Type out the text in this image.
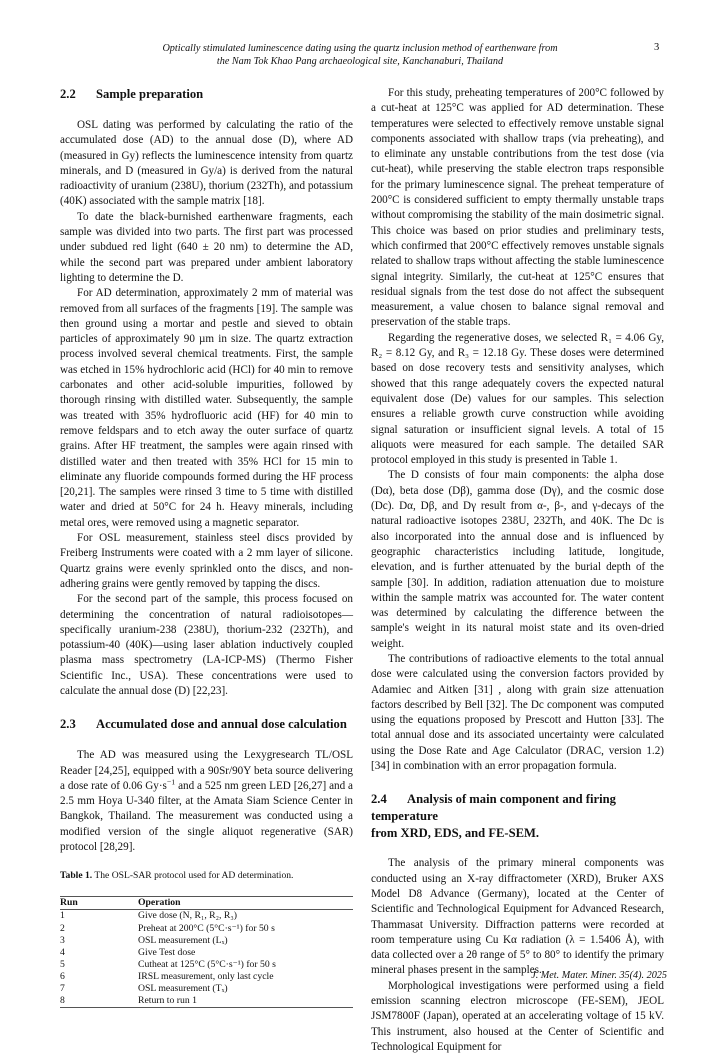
Optically stimulated luminescence dating using the quartz inclusion method of earthenware from
the Nam Tok Khao Pang archaeological site, Kanchanaburi, Thailand
3
2.2	Sample preparation

OSL dating was performed by calculating the ratio of the accumulated dose (AD) to the annual dose (D), where AD (measured in Gy) reflects the luminescence intensity from quartz minerals, and D (measured in Gy/a) is derived from the natural radioactivity of uranium (238U), thorium (232Th), and potassium (40K) associated with the sample matrix [18].

To date the black-burnished earthenware fragments, each sample was divided into two parts. The first part was processed under subdued red light (640 ± 20 nm) to determine the AD, while the second part was prepared under ambient laboratory lighting to determine the D.

For AD determination, approximately 2 mm of material was removed from all surfaces of the fragments [19]. The sample was then ground using a mortar and pestle and sieved to obtain particles of approximately 90 µm in size. The quartz extraction process involved several chemical treatments. First, the sample was etched in 15% hydrochloric acid (HCl) for 40 min to remove carbonates and other acid-soluble impurities, followed by thorough rinsing with distilled water. Subsequently, the sample was treated with 35% hydrofluoric acid (HF) for 40 min to remove feldspars and to etch away the outer surface of quartz grains. After HF treatment, the samples were again rinsed with distilled water and then treated with 35% HCl for 15 min to eliminate any fluoride compounds formed during the HF process [20,21]. The samples were rinsed 3 time to 5 time with distilled water and dried at 50°C for 24 h. Heavy minerals, including metal ores, were removed using a magnetic separator.

For OSL measurement, stainless steel discs provided by Freiberg Instruments were coated with a 2 mm layer of silicone. Quartz grains were evenly sprinkled onto the discs, and non-adhering grains were gently removed by tapping the discs.

For the second part of the sample, this process focused on determining the concentration of natural radioisotopes—specifically uranium-238 (238U), thorium-232 (232Th), and potassium-40 (40K)—using laser ablation inductively coupled plasma mass spectrometry (LA-ICP-MS) (Thermo Fisher Scientific Inc., USA). These concentrations were used to calculate the annual dose (D) [22,23].

2.3	Accumulated dose and annual dose calculation

The AD was measured using the Lexygresearch TL/OSL Reader [24,25], equipped with a 90Sr/90Y beta source delivering a dose rate of 0.06 $Gy\cdot s^{-1}$ and a 525 nm green LED [26,27] and a 2.5 mm Hoya U-340 filter, at the Amata Siam Science Center in Bangkok, Thailand. The measurement was conducted using a modified version of the single aliquot regenerative (SAR) protocol [28,29].

Table 1. The OSL-SAR protocol used for AD determination.
Run	Operation
1	Give dose (N, R₁, R₂, R₃)
2	Preheat at 200°C (5°C·s⁻¹) for 50 s
3	OSL measurement (Lₓ)
4	Give Test dose
5	Cutheat at 125°C (5°C·s⁻¹) for 50 s
6	IRSL measurement, only last cycle
7	OSL measurement (Tₓ)
8	Return to run 1

For this study, preheating temperatures of 200°C followed by a cut-heat at 125°C was applied for AD determination. These temperatures were selected to effectively remove unstable signal components associated with shallow traps (via preheating), and to eliminate any unstable contributions from the test dose (via cut-heat), while preserving the stable electron traps responsible for the primary luminescence signal. The preheat temperature of 200°C is considered sufficient to empty thermally unstable traps without compromising the stability of the main dosimetric signal. This choice was based on prior studies and preliminary tests, which confirmed that 200°C effectively removes unstable signals related to shallow traps without affecting the stable luminescence signal integrity. Similarly, the cut-heat at 125°C ensures that residual signals from the test dose do not affect the subsequent measurement, a value chosen to balance signal removal and preservation of the stable traps.

Regarding the regenerative doses, we selected R₁ = 4.06 Gy, R₂ = 8.12 Gy, and R₃ = 12.18 Gy. These doses were determined based on dose recovery tests and sensitivity analyses, which showed that this range adequately covers the expected natural equivalent dose (De) values for our samples. This selection ensures a reliable growth curve construction while avoiding signal saturation or insufficient signal levels. A total of 15 aliquots were measured for each sample. The detailed SAR protocol employed in this study is presented in Table 1.

The D consists of four main components: the alpha dose (Dα), beta dose (Dβ), gamma dose (Dγ), and the cosmic dose (Dc). Dα, Dβ, and Dγ result from α-, β-, and γ-decays of the natural radioactive isotopes 238U, 232Th, and 40K. The Dc is also incorporated into the annual dose and is influenced by geographic characteristics including latitude, longitude, elevation, and is further attenuated by the burial depth of the sample [30]. In addition, radiation attenuation due to moisture within the sample matrix was accounted for. The water content was determined by calculating the difference between the sample's weight in its natural moist state and its oven-dried weight.

The contributions of radioactive elements to the total annual dose were calculated using the conversion factors provided by Adamiec and Aitken [31] , along with grain size attenuation factors described by Bell [32]. The Dc component was computed using the equations proposed by Prescott and Hutton [33]. The total annual dose and its associated uncertainty were calculated using the Dose Rate and Age Calculator (DRAC, version 1.2) [34] in combination with an error propagation formula.

2.4 Analysis of main component and firing temperature
from XRD, EDS, and FE-SEM.

The analysis of the primary mineral components was conducted using an X-ray diffractometer (XRD), Bruker AXS Model D8 Advance (Germany), located at the Center of Scientific and Technological Equipment for Advanced Research, Thammasat University. Diffraction patterns were recorded at room temperature using Cu Kα radiation (λ = 1.5406 Å), with data collected over a 2θ range of 5° to 80° to identify the primary mineral phases present in the samples.

Morphological investigations were performed using a field emission scanning electron microscope (FE-SEM), JEOL JSM7800F (Japan), operated at an accelerating voltage of 15 kV. This instrument, also housed at the Center of Scientific and Technological Equipment for

J. Met. Mater. Miner. 35(4). 2025
